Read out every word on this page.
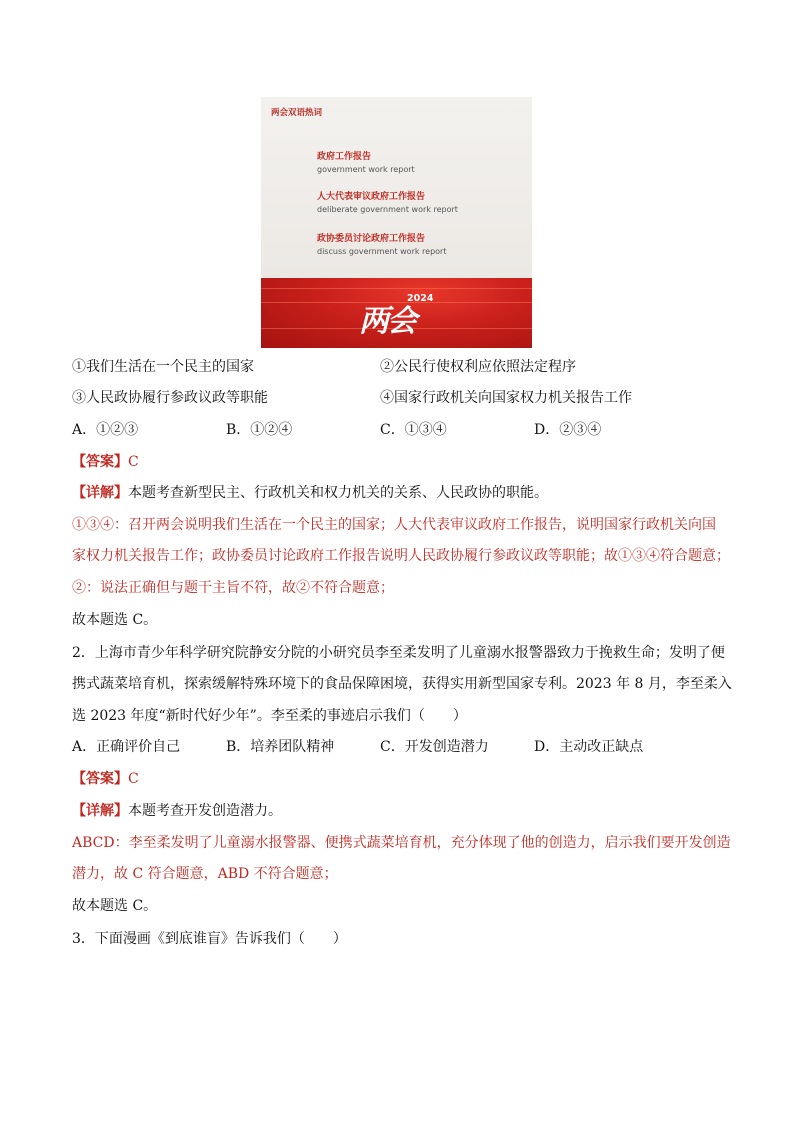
两会双语热词
政府工作报告
government work report
人大代表审议政府工作报告
deliberate government work report
政协委员讨论政府工作报告
discuss government work report
两会
2024
①我们生活在一个民主的国家	②公民行使权利应依照法定程序
③人民政协履行参政议政等职能	④国家行政机关向国家权力机关报告工作
A．①②③	B．①②④	C．①③④	D．②③④
【答案】C
【详解】本题考查新型民主、行政机关和权力机关的关系、人民政协的职能。
①③④：召开两会说明我们生活在一个民主的国家；人大代表审议政府工作报告，说明国家行政机关向国
家权力机关报告工作；政协委员讨论政府工作报告说明人民政协履行参政议政等职能；故①③④符合题意；
②：说法正确但与题干主旨不符，故②不符合题意；
故本题选 C。
2．上海市青少年科学研究院静安分院的小研究员李至柔发明了儿童溺水报警器致力于挽救生命；发明了便
携式蔬菜培育机，探索缓解特殊环境下的食品保障困境，获得实用新型国家专利。2023 年 8 月，李至柔入
选 2023 年度“新时代好少年”。李至柔的事迹启示我们（　　）
A．正确评价自己	B．培养团队精神	C．开发创造潜力	D．主动改正缺点
【答案】C
【详解】本题考查开发创造潜力。
ABCD：李至柔发明了儿童溺水报警器、便携式蔬菜培育机，充分体现了他的创造力，启示我们要开发创造
潜力，故 C 符合题意，ABD 不符合题意；
故本题选 C。
3．下面漫画《到底谁盲》告诉我们（　　）
